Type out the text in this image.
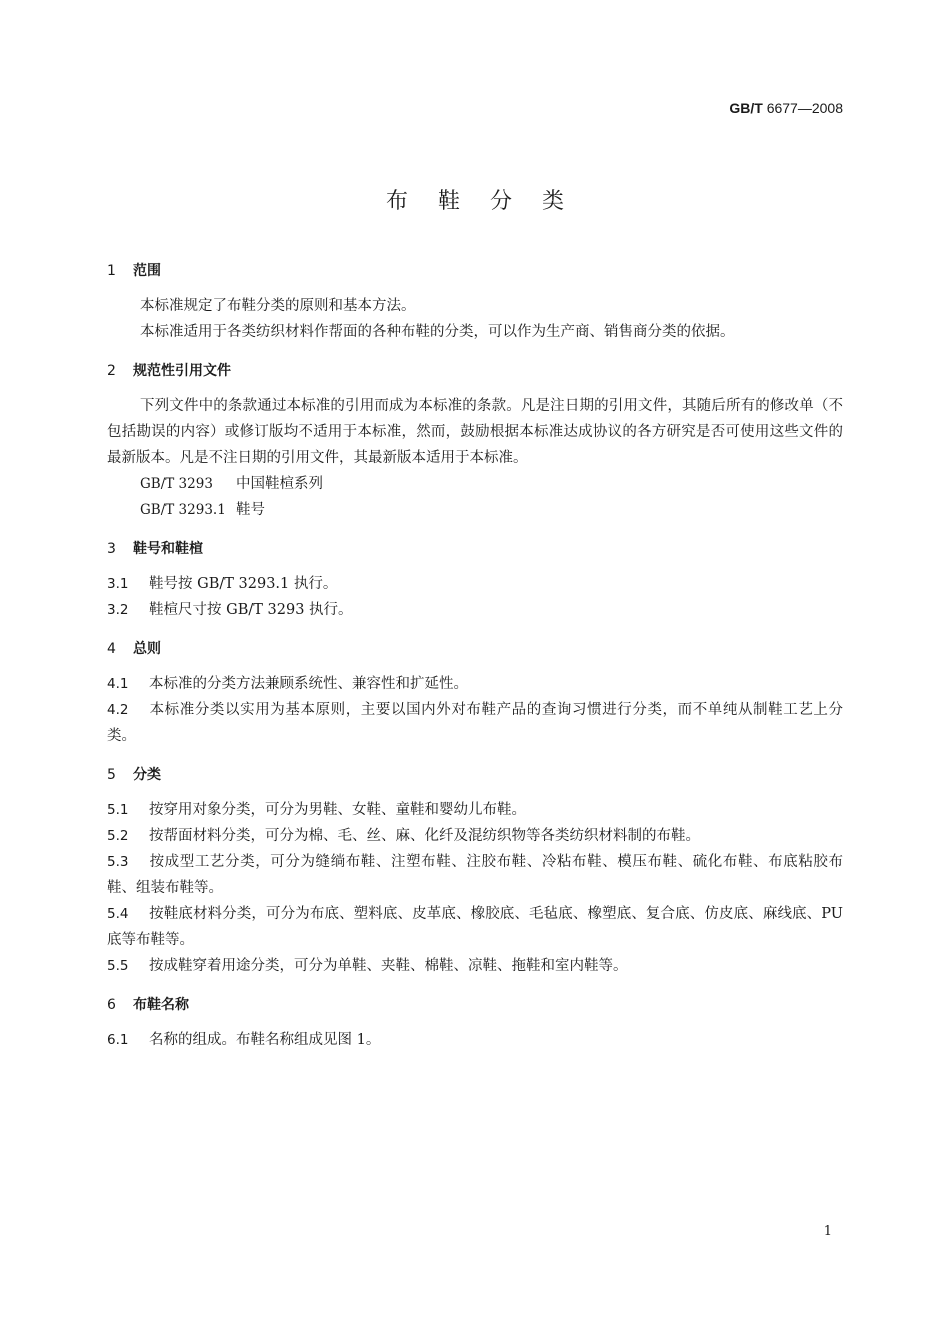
GB/T 6677—2008
布鞋分类
1 范围

本标准规定了布鞋分类的原则和基本方法。

本标准适用于各类纺织材料作帮面的各种布鞋的分类，可以作为生产商、销售商分类的依据。

2 规范性引用文件

下列文件中的条款通过本标准的引用而成为本标准的条款。凡是注日期的引用文件，其随后所有的修改单（不包括勘误的内容）或修订版均不适用于本标准，然而，鼓励根据本标准达成协议的各方研究是否可使用这些文件的最新版本。凡是不注日期的引用文件，其最新版本适用于本标准。

GB/T 3293 中国鞋楦系列
GB/T 3293.1 鞋号
3 鞋号和鞋楦

3.1 鞋号按 GB/T 3293.1 执行。

3.2 鞋楦尺寸按 GB/T 3293 执行。

4 总则

4.1 本标准的分类方法兼顾系统性、兼容性和扩延性。

4.2 本标准分类以实用为基本原则，主要以国内外对布鞋产品的查询习惯进行分类，而不单纯从制鞋工艺上分类。

5 分类

5.1 按穿用对象分类，可分为男鞋、女鞋、童鞋和婴幼儿布鞋。

5.2 按帮面材料分类，可分为棉、毛、丝、麻、化纤及混纺织物等各类纺织材料制的布鞋。

5.3 按成型工艺分类，可分为缝绱布鞋、注塑布鞋、注胶布鞋、冷粘布鞋、模压布鞋、硫化布鞋、布底粘胶布鞋、组装布鞋等。

5.4 按鞋底材料分类，可分为布底、塑料底、皮革底、橡胶底、毛毡底、橡塑底、复合底、仿皮底、麻线底、PU 底等布鞋等。

5.5 按成鞋穿着用途分类，可分为单鞋、夹鞋、棉鞋、凉鞋、拖鞋和室内鞋等。

6 布鞋名称

6.1 名称的组成。布鞋名称组成见图 1。

1
